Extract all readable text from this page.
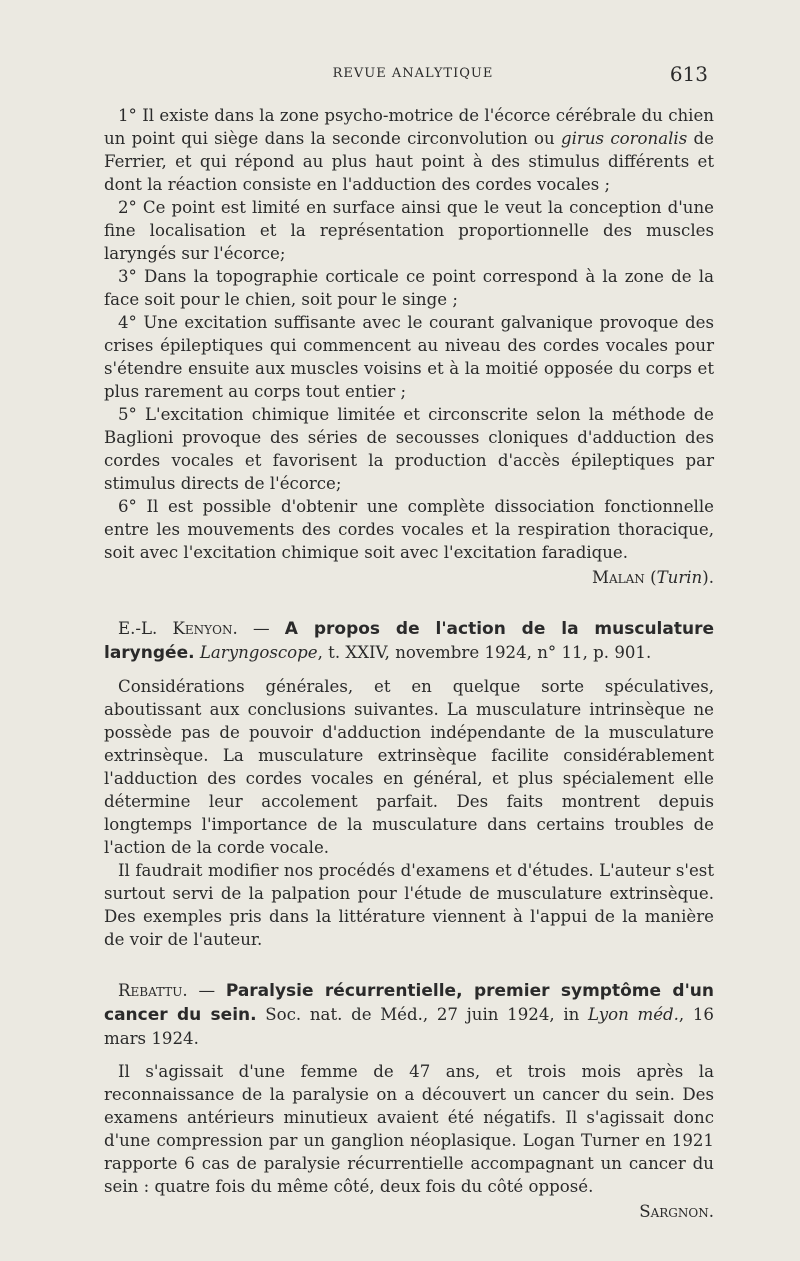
REVUE ANALYTIQUE	613

1° Il existe dans la zone psycho-motrice de l'écorce cérébrale du chien un point qui siège dans la seconde circonvolution ou girus coronalis de Ferrier, et qui répond au plus haut point à des stimulus différents et dont la réaction consiste en l'adduction des cordes vocales ;

2° Ce point est limité en surface ainsi que le veut la conception d'une fine localisation et la représentation proportionnelle des muscles laryngés sur l'écorce;

3° Dans la topographie corticale ce point correspond à la zone de la face soit pour le chien, soit pour le singe ;

4° Une excitation suffisante avec le courant galvanique provoque des crises épileptiques qui commencent au niveau des cordes vocales pour s'étendre ensuite aux muscles voisins et à la moitié opposée du corps et plus rarement au corps tout entier ;

5° L'excitation chimique limitée et circonscrite selon la méthode de Baglioni provoque des séries de secousses cloniques d'adduction des cordes vocales et favorisent la production d'accès épileptiques par stimulus directs de l'écorce;

6° Il est possible d'obtenir une complète dissociation fonctionnelle entre les mouvements des cordes vocales et la respiration thoracique, soit avec l'excitation chimique soit avec l'excitation faradique.

Malan (Turin).

E.-L. Kenyon. — A propos de l'action de la musculature laryngée. Laryngoscope, t. XXIV, novembre 1924, n° 11, p. 901.

Considérations générales, et en quelque sorte spéculatives, aboutissant aux conclusions suivantes. La musculature intrinsèque ne possède pas de pouvoir d'adduction indépendante de la musculature extrinsèque. La musculature extrinsèque facilite considérablement l'adduction des cordes vocales en général, et plus spécialement elle détermine leur accolement parfait. Des faits montrent depuis longtemps l'importance de la musculature dans certains troubles de l'action de la corde vocale.

Il faudrait modifier nos procédés d'examens et d'études. L'auteur s'est surtout servi de la palpation pour l'étude de musculature extrinsèque. Des exemples pris dans la littérature viennent à l'appui de la manière de voir de l'auteur.

Rebattu. — Paralysie récurrentielle, premier symptôme d'un cancer du sein. Soc. nat. de Méd., 27 juin 1924, in Lyon méd., 16 mars 1924.

Il s'agissait d'une femme de 47 ans, et trois mois après la reconnaissance de la paralysie on a découvert un cancer du sein. Des examens antérieurs minutieux avaient été négatifs. Il s'agissait donc d'une compression par un ganglion néoplasique. Logan Turner en 1921 rapporte 6 cas de paralysie récurrentielle accompagnant un cancer du sein : quatre fois du même côté, deux fois du côté opposé.

Sargnon.
